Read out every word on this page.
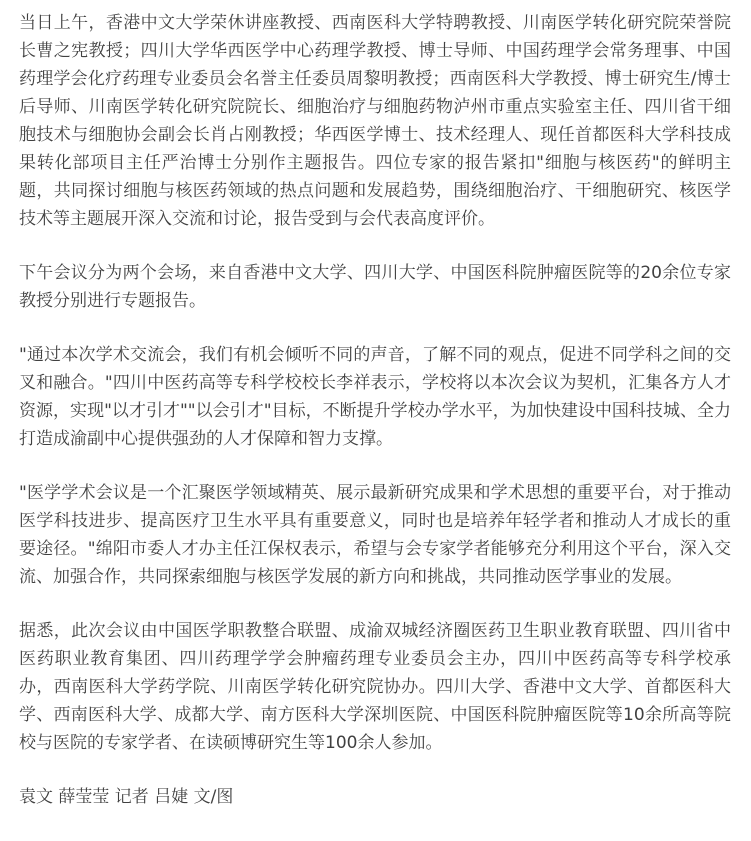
当日上午，香港中文大学荣休讲座教授、西南医科大学特聘教授、川南医学转化研究院荣誉院长曹之宪教授；四川大学华西医学中心药理学教授、博士导师、中国药理学会常务理事、中国药理学会化疗药理专业委员会名誉主任委员周黎明教授；西南医科大学教授、博士研究生/博士后导师、川南医学转化研究院院长、细胞治疗与细胞药物泸州市重点实验室主任、四川省干细胞技术与细胞协会副会长肖占刚教授；华西医学博士、技术经理人、现任首都医科大学科技成果转化部项目主任严治博士分别作主题报告。四位专家的报告紧扣"细胞与核医药"的鲜明主题，共同探讨细胞与核医药领域的热点问题和发展趋势，围绕细胞治疗、干细胞研究、核医学技术等主题展开深入交流和讨论，报告受到与会代表高度评价。

下午会议分为两个会场，来自香港中文大学、四川大学、中国医科院肿瘤医院等的20余位专家教授分别进行专题报告。

"通过本次学术交流会，我们有机会倾听不同的声音，了解不同的观点，促进不同学科之间的交叉和融合。"四川中医药高等专科学校校长李祥表示，学校将以本次会议为契机，汇集各方人才资源，实现"以才引才""以会引才"目标，不断提升学校办学水平，为加快建设中国科技城、全力打造成渝副中心提供强劲的人才保障和智力支撑。

"医学学术会议是一个汇聚医学领域精英、展示最新研究成果和学术思想的重要平台，对于推动医学科技进步、提高医疗卫生水平具有重要意义，同时也是培养年轻学者和推动人才成长的重要途径。"绵阳市委人才办主任江保权表示，希望与会专家学者能够充分利用这个平台，深入交流、加强合作，共同探索细胞与核医学发展的新方向和挑战，共同推动医学事业的发展。

据悉，此次会议由中国医学职教整合联盟、成渝双城经济圈医药卫生职业教育联盟、四川省中医药职业教育集团、四川药理学学会肿瘤药理专业委员会主办，四川中医药高等专科学校承办，西南医科大学药学院、川南医学转化研究院协办。四川大学、香港中文大学、首都医科大学、西南医科大学、成都大学、南方医科大学深圳医院、中国医科院肿瘤医院等10余所高等院校与医院的专家学者、在读硕博研究生等100余人参加。

袁文 薛莹莹 记者 吕婕 文/图
